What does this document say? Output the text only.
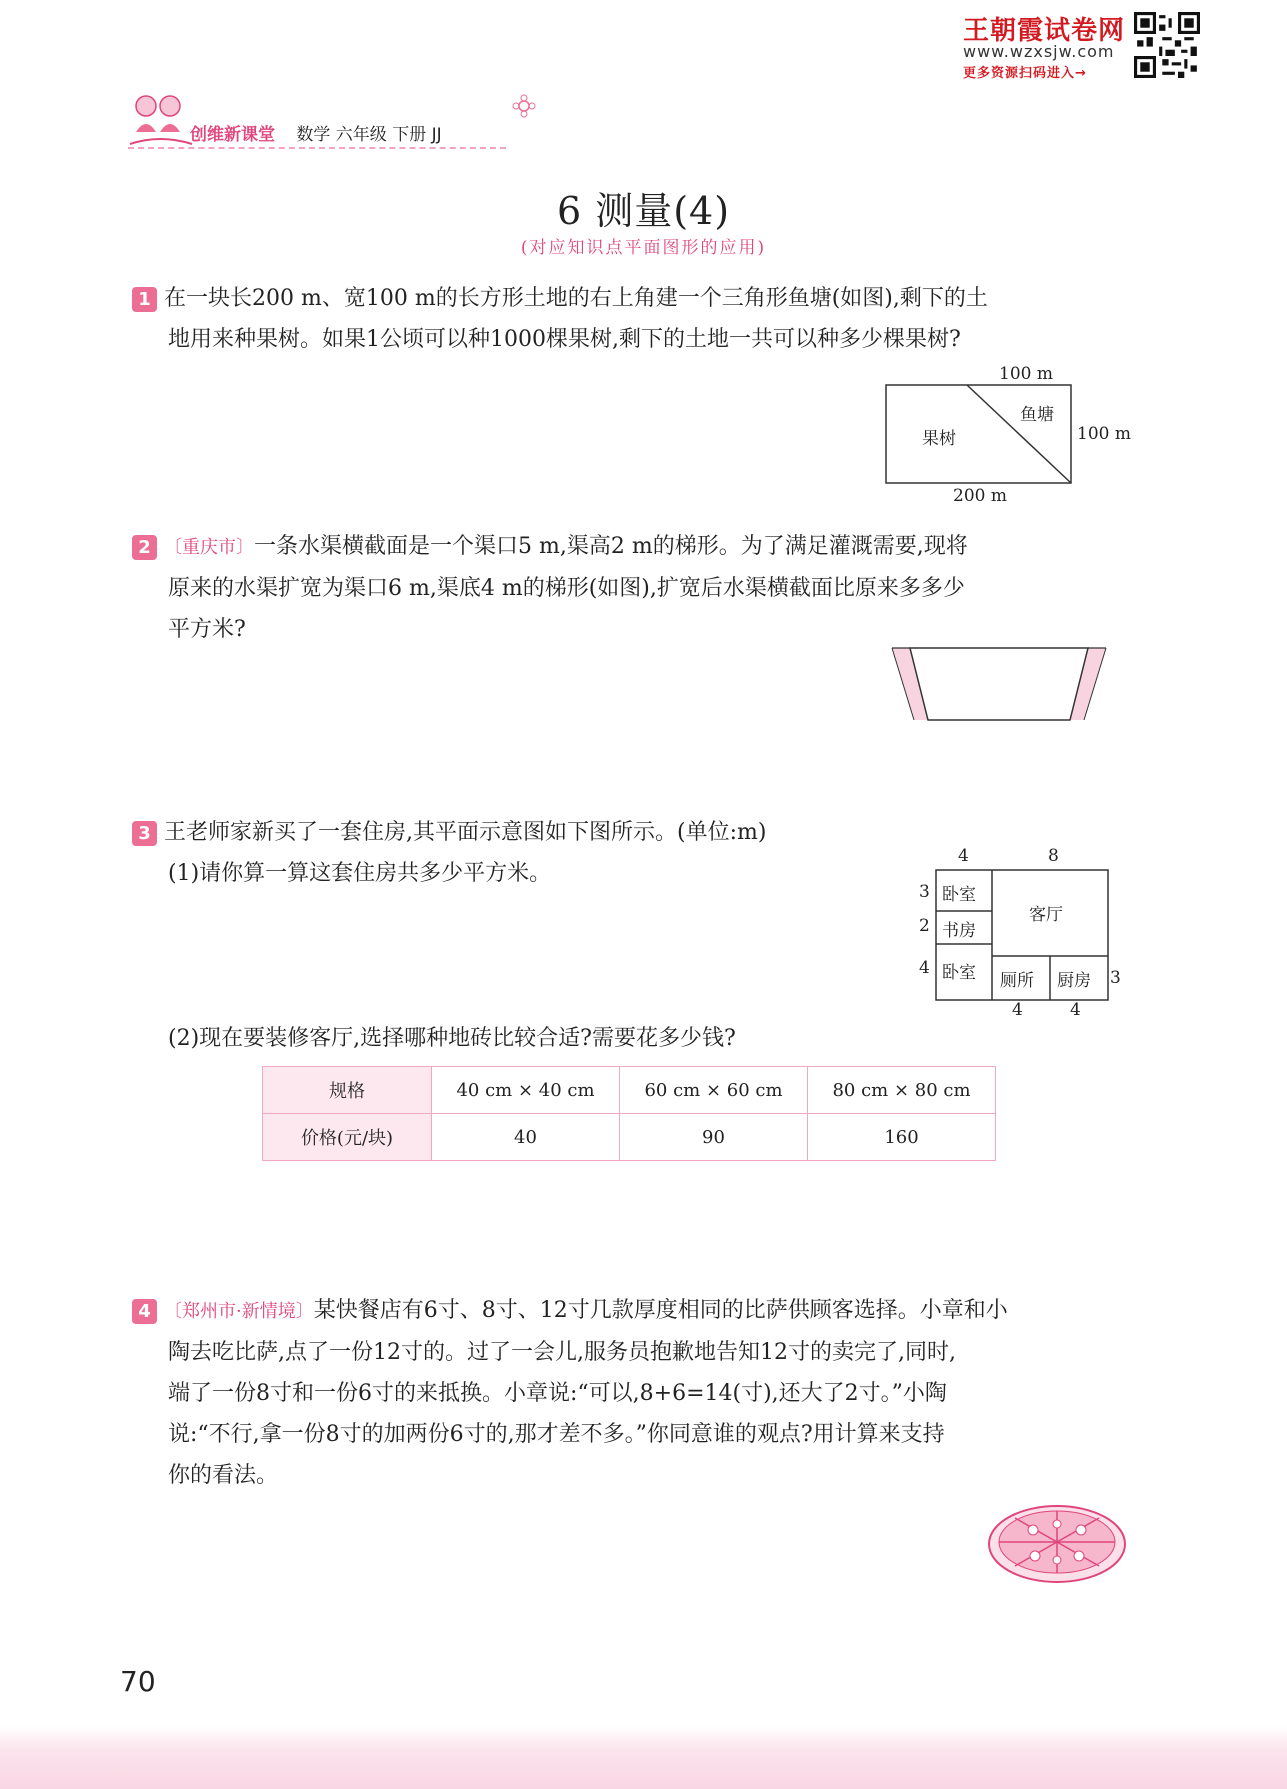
王朝霞试卷网
www.wzxsjw.com
更多资源扫码进入→
创维新课堂 数学 六年级 下册 JJ
6 测量(4)
(对应知识点平面图形的应用)
1 在一块长200 m、宽100 m的长方形土地的右上角建一个三角形鱼塘(如图),剩下的土
地用来种果树。如果1公顷可以种1000棵果树,剩下的土地一共可以种多少棵果树?
100 m
100 m
200 m
果树
鱼塘
2 〔重庆市〕一条水渠横截面是一个渠口5 m,渠高2 m的梯形。为了满足灌溉需要,现将
原来的水渠扩宽为渠口6 m,渠底4 m的梯形(如图),扩宽后水渠横截面比原来多多少
平方米?
3 王老师家新买了一套住房,其平面示意图如下图所示。(单位:m)
(1)请你算一算这套住房共多少平方米。
卧室
书房
卧室
客厅
厕所 厨房
4	8
3
2
4	3
4	4
(2)现在要装修客厅,选择哪种地砖比较合适?需要花多少钱?
规格	40 cm × 40 cm	60 cm × 60 cm	80 cm × 80 cm
价格(元/块)	40	90	160
4 〔郑州市·新情境〕某快餐店有6寸、8寸、12寸几款厚度相同的比萨供顾客选择。小章和小
陶去吃比萨,点了一份12寸的。过了一会儿,服务员抱歉地告知12寸的卖完了,同时,
端了一份8寸和一份6寸的来抵换。小章说:“可以,8+6=14(寸),还大了2寸。”小陶
说:“不行,拿一份8寸的加两份6寸的,那才差不多。”你同意谁的观点?用计算来支持
你的看法。
70
